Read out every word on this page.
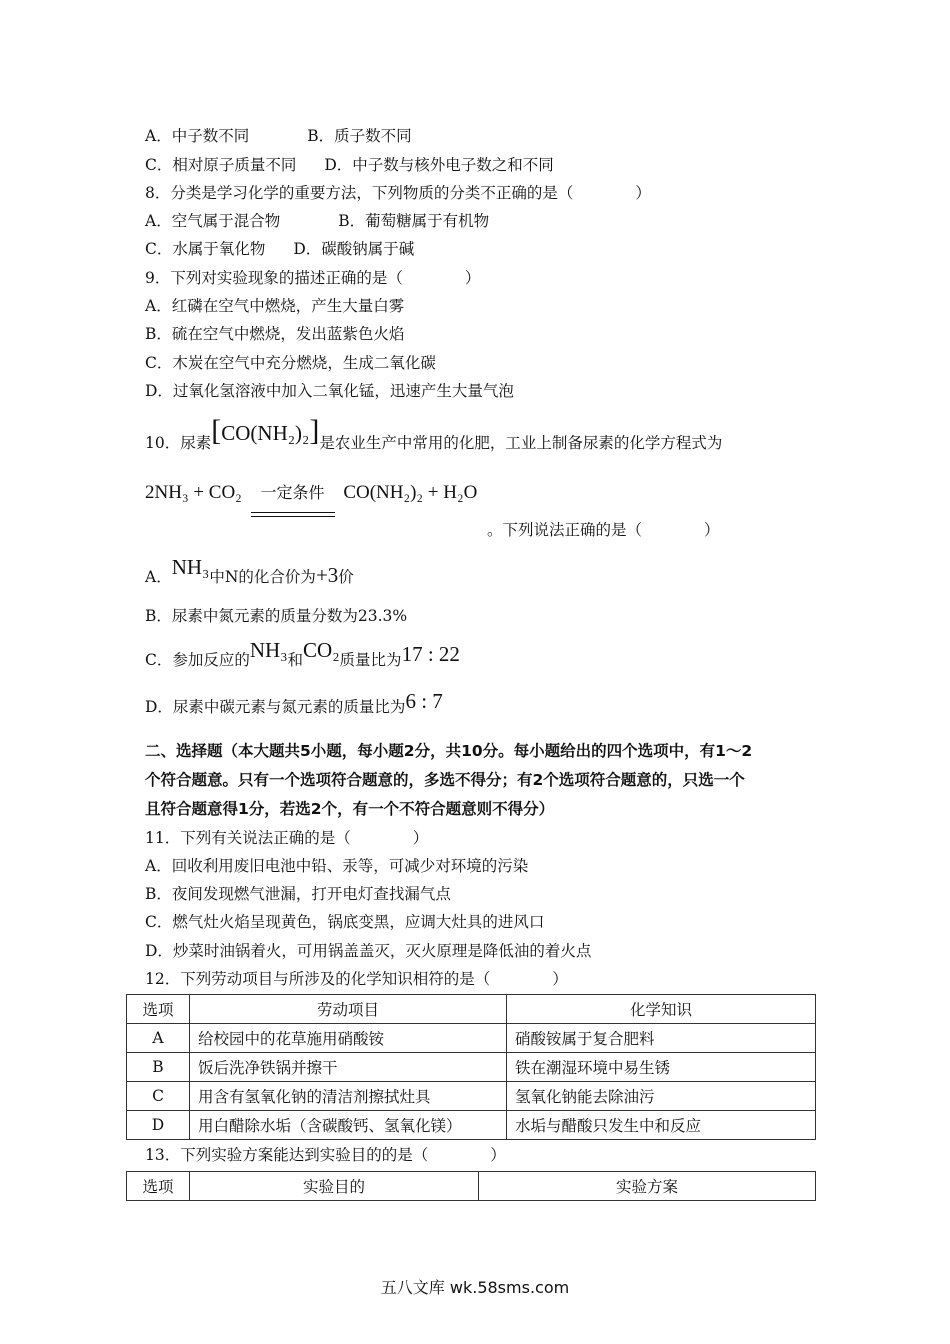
A．中子数不同	B．质子数不同
C．相对原子质量不同 D．中子数与核外电子数之和不同
8．分类是学习化学的重要方法，下列物质的分类不正确的是（　　　　）
A．空气属于混合物	B．葡萄糖属于有机物
C．水属于氧化物 D．碳酸钠属于碱
9．下列对实验现象的描述正确的是（　　　　）
A．红磷在空气中燃烧，产生大量白雾
B．硫在空气中燃烧，发出蓝紫色火焰
C．木炭在空气中充分燃烧，生成二氧化碳
D．过氧化氢溶液中加入二氧化锰，迅速产生大量气泡
10．尿素[CO(NH₂)₂]是农业生产中常用的化肥，工业上制备尿素的化学方程式为
2NH₃ + CO₂	一定条件 CO(NH₂)₂ + H₂O
。下列说法正确的是（　　　　）
A．NH₃中N的化合价为+3价
B．尿素中氮元素的质量分数为23.3%
C．参加反应的NH₃和CO₂质量比为17 : 22
D．尿素中碳元素与氮元素的质量比为6 : 7
二、选择题（本大题共5小题，每小题2分，共10分。每小题给出的四个选项中，有1～2
个符合题意。只有一个选项符合题意的，多选不得分；有2个选项符合题意的，只选一个
且符合题意得1分，若选2个，有一个不符合题意则不得分）
11．下列有关说法正确的是（　　　　）
A．回收利用废旧电池中铅、汞等，可减少对环境的污染
B．夜间发现燃气泄漏，打开电灯查找漏气点
C．燃气灶火焰呈现黄色，锅底变黑，应调大灶具的进风口
D．炒菜时油锅着火，可用锅盖盖灭，灭火原理是降低油的着火点
12．下列劳动项目与所涉及的化学知识相符的是（　　　　）
选项	劳动项目	化学知识
A	给校园中的花草施用硝酸铵	硝酸铵属于复合肥料
B	饭后洗净铁锅并擦干	铁在潮湿环境中易生锈
C	用含有氢氧化钠的清洁剂擦拭灶具	氢氧化钠能去除油污
D	用白醋除水垢（含碳酸钙、氢氧化镁）	水垢与醋酸只发生中和反应
13．下列实验方案能达到实验目的的是（　　　　）
选项	实验目的	实验方案
五八文库 wk.58sms.com
